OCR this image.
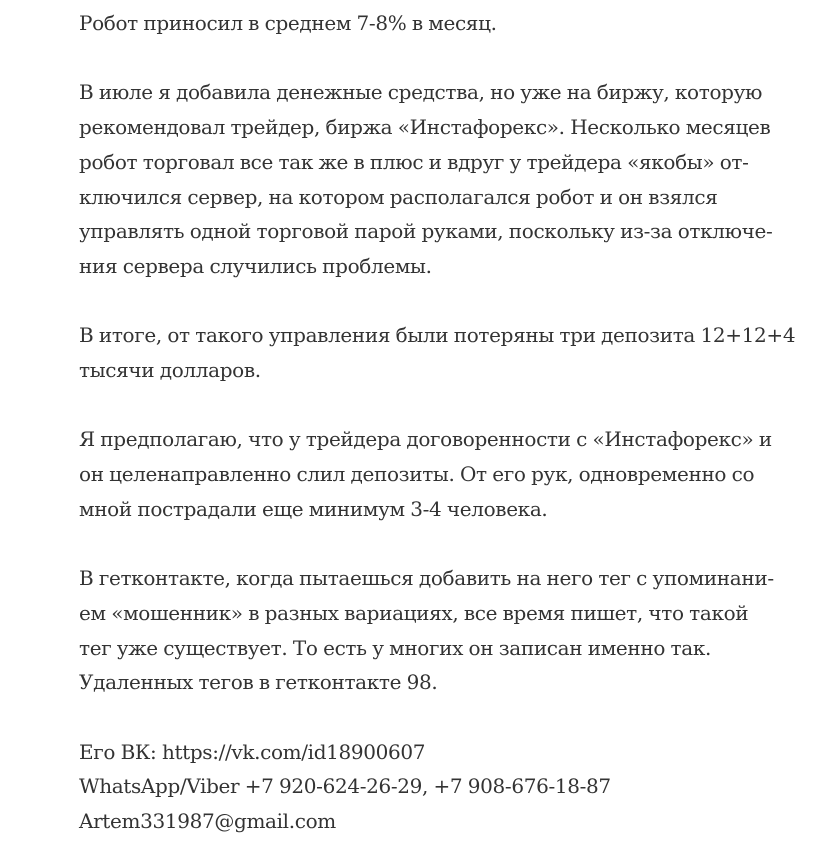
Робот приносил в среднем 7-8% в месяц.

В июле я добавила денежные средства, но уже на биржу, которую
рекомендовал трейдер, биржа «Инстафорекс». Несколько месяцев
робот торговал все так же в плюс и вдруг у трейдера «якобы» от-
ключился сервер, на котором располагался робот и он взялся
управлять одной торговой парой руками, поскольку из-за отключе-
ния сервера случились проблемы.

В итоге, от такого управления были потеряны три депозита 12+12+4
тысячи долларов.

Я предполагаю, что у трейдера договоренности с «Инстафорекс» и
он целенаправленно слил депозиты. От его рук, одновременно со
мной пострадали еще минимум 3-4 человека.

В гетконтакте, когда пытаешься добавить на него тег с упоминани-
ем «мошенник» в разных вариациях, все время пишет, что такой
тег уже существует. То есть у многих он записан именно так.
Удаленных тегов в гетконтакте 98.

Его ВК: https://vk.com/id18900607
WhatsApp/Viber +7 920-624-26-29, +7 908-676-18-87
Artem331987@gmail.com
